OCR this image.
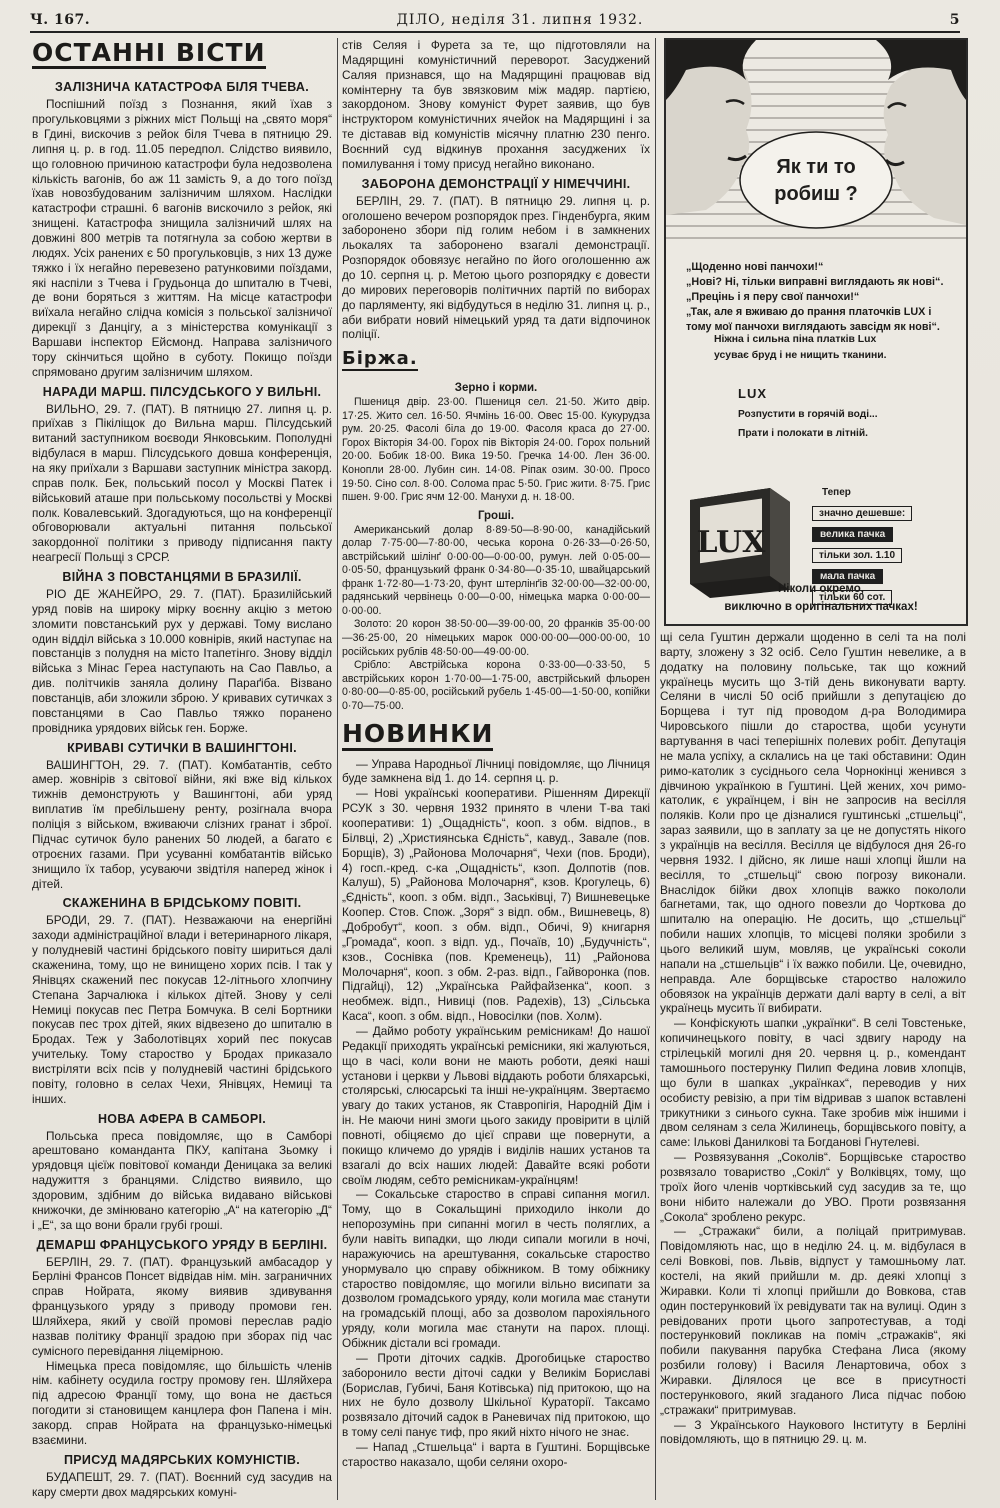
Ч. 167.	ДІЛО, неділя 31. липня 1932.	5
ОСТАННІ ВІСТИ
ЗАЛІЗНИЧА КАТАСТРОФА БІЛЯ ТЧЕВА.

Поспішний поїзд з Познання, який їхав з прогульковцями з ріжних міст Польщі на „свято моря“ в Гдині, вискочив з рейок біля Тчева в пятницю 29. липня ц. р. в год. 11.05 передпол. Слідство виявило, що головною причиною катастрофи була недозволена кількість вагонів, бо аж 11 замість 9, а до того поїзд їхав новозбудованим залізничим шляхом. Наслідки катастрофи страшні. 6 вагонів вискочило з рейок, які знищені. Катастрофа знищила залізничий шлях на довжині 800 метрів та потягнула за собою жертви в людях. Усіх ранених є 50 прогульковців, з них 13 дуже тяжко і їх негайно перевезено ратунковими поїздами, які наспіли з Тчева і Грудьонца до шпиталю в Тчеві, де вони боряться з життям. На місце катастрофи виїхала негайно слідча комісія з польської залізничої дирекції з Данцігу, а з міністерства комунікації з Варшави інспектор Ейсмонд. Направа залізничого тору скінчиться щойно в суботу. Покищо поїзди спрямовано другим залізничим шляхом.

НАРАДИ МАРШ. ПІЛСУДСЬКОГО У ВИЛЬНІ.

ВИЛЬНО, 29. 7. (ПАТ). В пятницю 27. липня ц. р. приїхав з Пікіліщок до Вильна марш. Пілсудський витаний заступником воєводи Янковським. Пополудні відбулася в марш. Пілсудського довша конференція, на яку приїхали з Варшави заступник міністра закорд. справ полк. Бек, польський посол у Москві Патек і військовий аташе при польському посольстві у Москві полк. Ковалевський. Здогадуються, що на конференції обговорювали актуальні питання польської закордонної політики з приводу підписання пакту неагресії Польщі з СРСР.

ВІЙНА З ПОВСТАНЦЯМИ В БРАЗИЛІЇ.

РІО ДЕ ЖАНЕЙРО, 29. 7. (ПАТ). Бразилійський уряд повів на широку мірку воєнну акцію з метою зломити повстанський рух у державі. Тому вислано один відділ війська з 10.000 ковнірів, який наступає на повстанців з полудня на місто Ітапетінго. Знову відділ війська з Мінас Гереа наступають на Сао Павльо, а див. політчиків заняла долину Параґіба. Візвано повстанців, аби зложили зброю. У кривавих сутичках з повстанцями в Сао Павльо тяжко поранено провідника урядових військ ген. Борже.

КРИВАВІ СУТИЧКИ В ВАШИНГТОНІ.

ВАШИНГТОН, 29. 7. (ПАТ). Комбатантів, себто амер. жовнірів з світової війни, які вже від кількох тижнів демонструють у Вашингтоні, аби уряд виплатив їм пребільшену ренту, розігнала вчора поліція з військом, вживаючи слізних гранат і зброї. Підчас сутичок було ранених 50 людей, а багато є отроєних газами. При усуванні комбатантів військо знищило їх табор, усуваючи звідтіля наперед жінок і дітей.

СКАЖЕНИНА В БРІДСЬКОМУ ПОВІТІ.

БРОДИ, 29. 7. (ПАТ). Незважаючи на енергійні заходи адміністраційної влади і ветеринарного лікаря, у полудневій частині брідського повіту шириться далі скаженина, тому, що не винищено хорих псів. І так у Янівцях скажений пес покусав 12-літнього хлопчину Степана Зарчалюка і кількох дітей. Знову у селі Немиці покусав пес Петра Бомчука. В селі Бортники покусав пес трох дітей, яких відвезено до шпиталю в Бродах. Теж у Заболотівцях хорий пес покусав учительку. Тому староство у Бродах приказало вистріляти всіх псів у полудневій частині брідського повіту, головно в селах Чехи, Янівцях, Немиці та інших.

НОВА АФЕРА В САМБОРІ.

Польська преса повідомляє, що в Самборі арештовано команданта ПКУ, капітана Зьомку і урядовця цієїж повітової команди Деницака за великі надужиття з бранцями. Слідство виявило, що здоровим, здібним до війська видавано військові книжочки, де змінювано категорію „А“ на категорію „Д“ і „Е“, за що вони брали грубі гроші.

ДЕМАРШ ФРАНЦУСЬКОГО УРЯДУ В БЕРЛІНІ.

БЕРЛІН, 29. 7. (ПАТ). Французький амбасадор у Берліні Франсов Понсет відвідав нім. мін. заграничних справ Нойрата, якому виявив здивування французького уряду з приводу промови ген. Шляйхера, який у своїй промові переслав радіо назвав політику Франції зрадою при зборах під час сумісного перевідання ліцемірною.

Німецька преса повідомляє, що більшість членів нім. кабінету осудила гостру промову ген. Шляйхера під адресою Франції тому, що вона не дається погодити зі становищем канцлера фон Папена і мін. закорд. справ Нойрата на французько-німецькі взаємини.

ПРИСУД МАДЯРСЬКИХ КОМУНІСТІВ.

БУДАПЕШТ, 29. 7. (ПАТ). Воєнний суд засудив на кару смерти двох мадярських комуні-

стів Селяя і Фурета за те, що підготовляли на Мадярщині комуністичний переворот. Засуджений Саляя признався, що на Мадярщині працював від комінтерну та був звязковим між мадяр. партією, закордоном. Знову комуніст Фурет заявив, що був інструктором комуністичних ячейок на Мадярщині і за те діставав від комуністів місячну платню 230 пенго. Воєнний суд відкинув прохання засуджених їх помилування і тому присуд негайно виконано.

ЗАБОРОНА ДЕМОНСТРАЦІЇ У НІМЕЧЧИНІ.

БЕРЛІН, 29. 7. (ПАТ). В пятницю 29. липня ц. р. оголошено вечером розпорядок през. Гінденбурга, яким заборонено збори під голим небом і в замкнених льокалях та заборонено взагалі демонстрації. Розпорядок обовязує негайно по його оголошенню аж до 10. серпня ц. р. Метою цього розпорядку є довести до мирових переговорів політичних партій по виборах до парляменту, які відбудуться в неділю 31. липня ц. р., аби вибрати новий німецький уряд та дати відпочинок поліції.

Біржа.
Зерно і корми.

Пшениця двір. 23·00. Пшениця сел. 21·50. Жито двір. 17·25. Жито сел. 16·50. Ячмінь 16·00. Овес 15·00. Кукурудза рум. 20·25. Фасолі біла до 19·00. Фасоля краса до 27·00. Горох Вікторія 34·00. Горох пів Вікторія 24·00. Горох польний 20·00. Бобик 18·00. Вика 19·50. Гречка 14·00. Лен 36·00. Конопли 28·00. Лубин син. 14·08. Ріпак озим. 30·00. Просо 19·50. Сіно сол. 8·00. Солома прас 5·50. Грис жити. 8·75. Грис пшен. 9·00. Грис ячм 12·00. Манухи д. н. 18·00.

Гроші.

Американський долар 8·89·50—8·90·00, канадійський долар 7·75·00—7·80·00, чеська корона 0·26·33—0·26·50, австрійський шілінґ 0·00·00—0·00·00, румун. лей 0·05·00—0·05·50, французький франк 0·34·80—0·35·10, швайцарський франк 1·72·80—1·73·20, фунт штерлінґів 32·00·00—32·00·00, радянський червінець 0·00—0·00, німецька марка 0·00·00—0·00·00.

Золото: 20 корон 38·50·00—39·00·00, 20 франків 35·00·00—36·25·00, 20 німецьких марок 000·00·00—000·00·00, 10 російських рублів 48·50·00—49·00·00.

Срібло: Австрійська корона 0·33·00—0·33·50, 5 австрійських корон 1·70·00—1·75·00, австрійський фльорен 0·80·00—0·85·00, російський рубель 1·45·00—1·50·00, копійки 0·70—75·00.

НОВИНКИ

— Управа Народньої Лічниці повідомляє, що Лічниця буде замкнена від 1. до 14. серпня ц. р.

— Нові українські кооперативи. Рішенням Дирекції РСУК з 30. червня 1932 принято в члени Т-ва такі кооперативи: 1) „Ощадність“, кооп. з обм. відпов., в Білвці, 2) „Християнська Єдність“, кавуд., Завале (пов. Борщів), 3) „Районова Молочарня“, Чехи (пов. Броди), 4) госп.-кред. с-ка „Ощадність“, кзоп. Долпотів (пов. Калуш), 5) „Районова Молочарня“, кзов. Крогулець, 6) „Єдність“, кооп. з обм. відп., Заськівці, 7) Вишневецьке Коопер. Стов. Спож. „Зоря“ з відп. обм., Вишневець, 8) „Добробут“, кооп. з обм. відп., Обичі, 9) книгарня „Громада“, кооп. з відп. уд., Почаїв, 10) „Будучність“, кзов., Соснівка (пов. Кременець), 11) „Районова Молочарня“, кооп. з обм. 2-раз. відп., Гайворонка (пов. Підгайці), 12) „Українська Райфайзенка“, кооп. з необмеж. відп., Нивиці (пов. Радехів), 13) „Сільська Каса“, кооп. з обм. відп., Новосілки (пов. Холм).

— Даймо роботу українським ремісникам! До нашої Редакції приходять українські ремісники, які жалуються, що в часі, коли вони не мають роботи, деякі наші установи і церкви у Львові віддають роботи бляхарські, столярські, слюсарські та інші не-українцям. Звертаємо увагу до таких установ, як Ставропігія, Народній Дім і ін. Не маючи нині змоги цього закиду провірити в цілій повноті, обіцяємо до цієї справи ще повернути, а покищо кличемо до урядів і виділів наших установ та взагалі до всіх наших людей: Давайте всякі роботи своїм людям, себто ремісникам-українцям!

— Сокальське староство в справі сипання могил. Тому, що в Сокальщині приходило інколи до непорозумінь при сипанні могил в честь поляглих, а були навіть випадки, що люди сипали могили в ночі, наражуючись на арештування, сокальське староство унормувало цю справу обіжником. В тому обіжнику староство повідомляє, що могили вільно висипати за дозволом громадського уряду, коли могила має станути на громадській площі, або за дозволом парохіяльного уряду, коли могила має станути на парох. площі. Обіжник дістали всі громади.

— Проти діточих садків. Дрогобицьке староство заборонило вести діточі садки у Великім Бориславі (Борислав, Губичі, Баня Котівська) під притокою, що на них не було дозволу Шкільної Кураторії. Таксамо розвязало діточий садок в Раневичах під притокою, що в тому селі панує тиф, про який ніхто нічого не знає.

— Напад „Стшельца“ і варта в Гуштині. Борщівське староство наказало, щоби селяни охоро-

Як ти то
робиш ?
„Щоденно нові панчохи!“
„Нові? Ні, тільки виправні виглядають як нові“.
„Прецінь і я перу свої панчохи!“
„Так, але я вживаю до прання платочків LUX і тому мої панчохи виглядають завсідм як нові“.
Ніжна і сильна піна платків Lux
усуває бруд і не нищить тканини.
LUX
Розпустити в горячій воді...
Прати і полокати в літній.
LUX
Тепер
значно дешевше:
велика пачка
тільки зол. 1.10
мала пачка
тільки 60 сот.
Ніколи окремо,
виключно в оригінальних пачках!

щі села Гуштин держали щоденно в селі та на полі варту, зложену з 32 осіб. Село Гуштин невелике, а в додатку на половину польське, так що кожний українець мусить що 3-тій день виконувати варту. Селяни в числі 50 осіб прийшли з депутацією до Борщева і тут під проводом д-ра Володимира Чировського пішли до староства, щоби усунути вартування в часі теперішніх полевих робіт. Депутація не мала успіху, а склались на це такі обставини: Один римо-католик з сусіднього села Чорнокінці женився з дівчиною українкою в Гуштині. Цей жених, хоч римо-католик, є українцем, і він не запросив на весілля поляків. Коли про це дізналися гуштинські „стшельці“, зараз заявили, що в заплату за це не допустять нікого з українців на весілля. Весілля це відбулося дня 26-го червня 1932. І дійсно, як лише наші хлопці йшли на весілля, то „стшельці“ свою погрозу виконали. Внаслідок бійки двох хлопців важко покололи багнетами, так, що одного повезли до Чорткова до шпиталю на операцію. Не досить, що „стшельці“ побили наших хлопців, то місцеві поляки зробили з цього великий шум, мовляв, це українські соколи напали на „стшельців“ і їх важко побили. Це, очевидно, неправда. Але борщівське староство наложило обовязок на українців держати далі варту в селі, а віт українець мусить її вибирати.

— Конфіскують шапки „українки“. В селі Товстеньке, копичинецького повіту, в часі здвигу народу на стрілецькій могилі дня 20. червня ц. р., комендант тамошнього постерунку Пилип Федина ловив хлопців, що були в шапках „українках“, переводив у них особисту ревізію, а при тім відривав з шапок вставлені трикутники з синього сукна. Таке зробив між іншими і двом селянам з села Жилинець, борщівського повіту, а саме: Ількові Данилкові та Богданові Гнутелеві.

— Розвязування „Соколів“. Борщівське староство розвязало товариство „Сокіл“ у Волківцях, тому, що троїх його членів чортківський суд засудив за те, що вони нібито належали до УВО. Проти розвязання „Сокола“ зроблено рекурс.

— „Стражаки“ били, а поліцай притримував. Повідомляють нас, що в неділю 24. ц. м. відбулася в селі Вовкові, пов. Львів, відпуст у тамошньому лат. костелі, на який прийшли м. др. деякі хлопці з Жиравки. Коли ті хлопці прийшли до Вовкова, став один постерунковий їх ревідувати так на вулиці. Один з ревідованих проти цього запротестував, а тоді постерунковий покликав на поміч „стражаків“, які побили пакування парубка Стефана Лиса (якому розбили голову) і Василя Ленартовича, обох з Жиравки. Ділялося це все в присутності постерункового, який згаданого Лиса підчас побою „стражаки“ притримував.

— З Українського Наукового Інституту в Берліні повідомляють, що в пятницю 29. ц. м.
